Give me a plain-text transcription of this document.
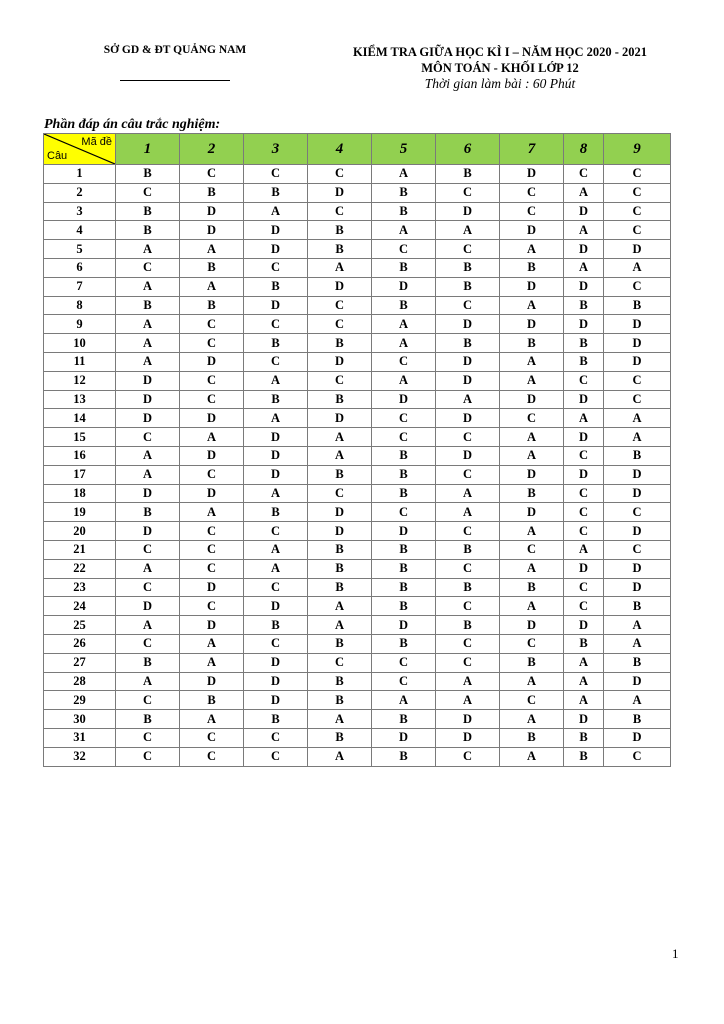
SỞ GD & ĐT QUẢNG NAM	KIỂM TRA GIỮA HỌC KÌ I – NĂM HỌC 2020 - 2021
MÔN TOÁN - KHỐI LỚP 12
Thời gian làm bài : 60 Phút
Phần đáp án câu trắc nghiệm:
Mã đề
Câu	1	2	3	4	5	6	7	8	9
1	B	C	C	C	A	B	D	C	C
2	C	B	B	D	B	C	C	A	C
3	B	D	A	C	B	D	C	D	C
4	B	D	D	B	A	A	D	A	C
5	A	A	D	B	C	C	A	D	D
6	C	B	C	A	B	B	B	A	A
7	A	A	B	D	D	B	D	D	C
8	B	B	D	C	B	C	A	B	B
9	A	C	C	C	A	D	D	D	D
10	A	C	B	B	A	B	B	B	D
11	A	D	C	D	C	D	A	B	D
12	D	C	A	C	A	D	A	C	C
13	D	C	B	B	D	A	D	D	C
14	D	D	A	D	C	D	C	A	A
15	C	A	D	A	C	C	A	D	A
16	A	D	D	A	B	D	A	C	B
17	A	C	D	B	B	C	D	D	D
18	D	D	A	C	B	A	B	C	D
19	B	A	B	D	C	A	D	C	C
20	D	C	C	D	D	C	A	C	D
21	C	C	A	B	B	B	C	A	C
22	A	C	A	B	B	C	A	D	D
23	C	D	C	B	B	B	B	C	D
24	D	C	D	A	B	C	A	C	B
25	A	D	B	A	D	B	D	D	A
26	C	A	C	B	B	C	C	B	A
27	B	A	D	C	C	C	B	A	B
28	A	D	D	B	C	A	A	A	D
29	C	B	D	B	A	A	C	A	A
30	B	A	B	A	B	D	A	D	B
31	C	C	C	B	D	D	B	B	D
32	C	C	C	A	B	C	A	B	C
1
